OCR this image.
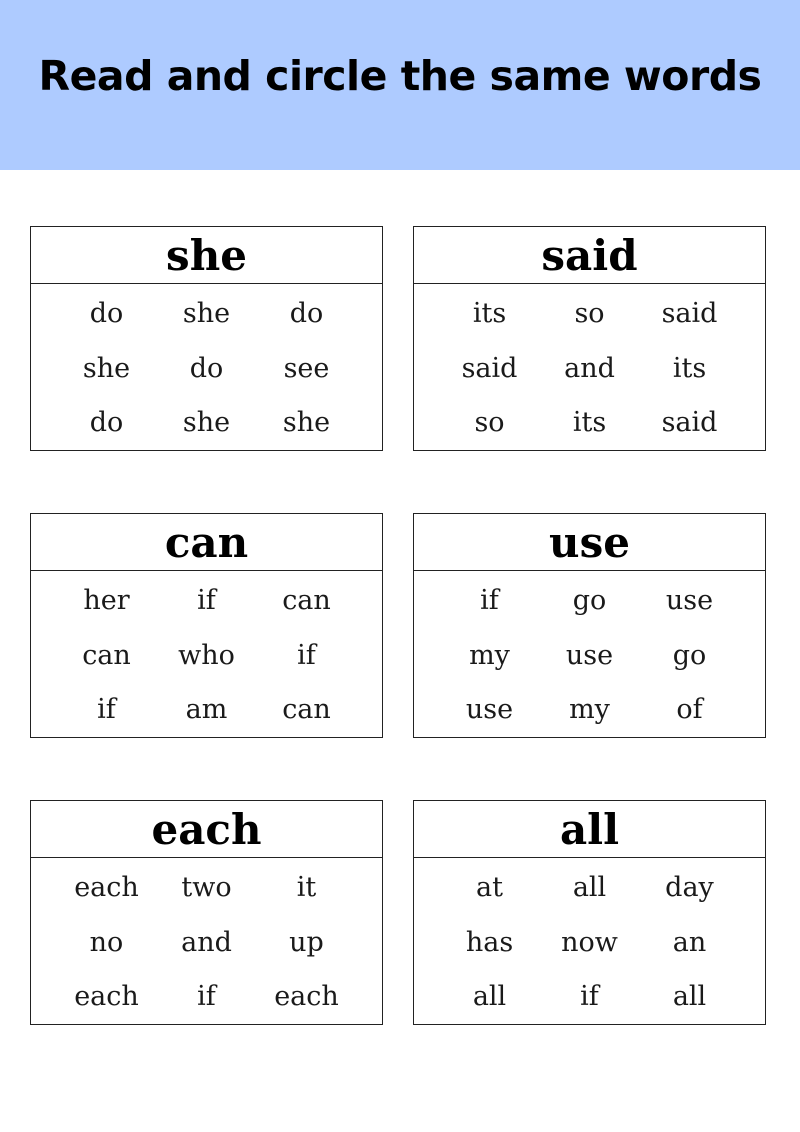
Read and circle the same words
she
do	she	do
she	do	see
do	she	she
said
its	so	said
said	and	its
so	its	said
can
her	if	can
can	who	if
if	am	can
use
if	go	use
my	use	go
use	my	of
each
each	two	it
no	and	up
each	if	each
all
at	all	day
has	now	an
all	if	all
